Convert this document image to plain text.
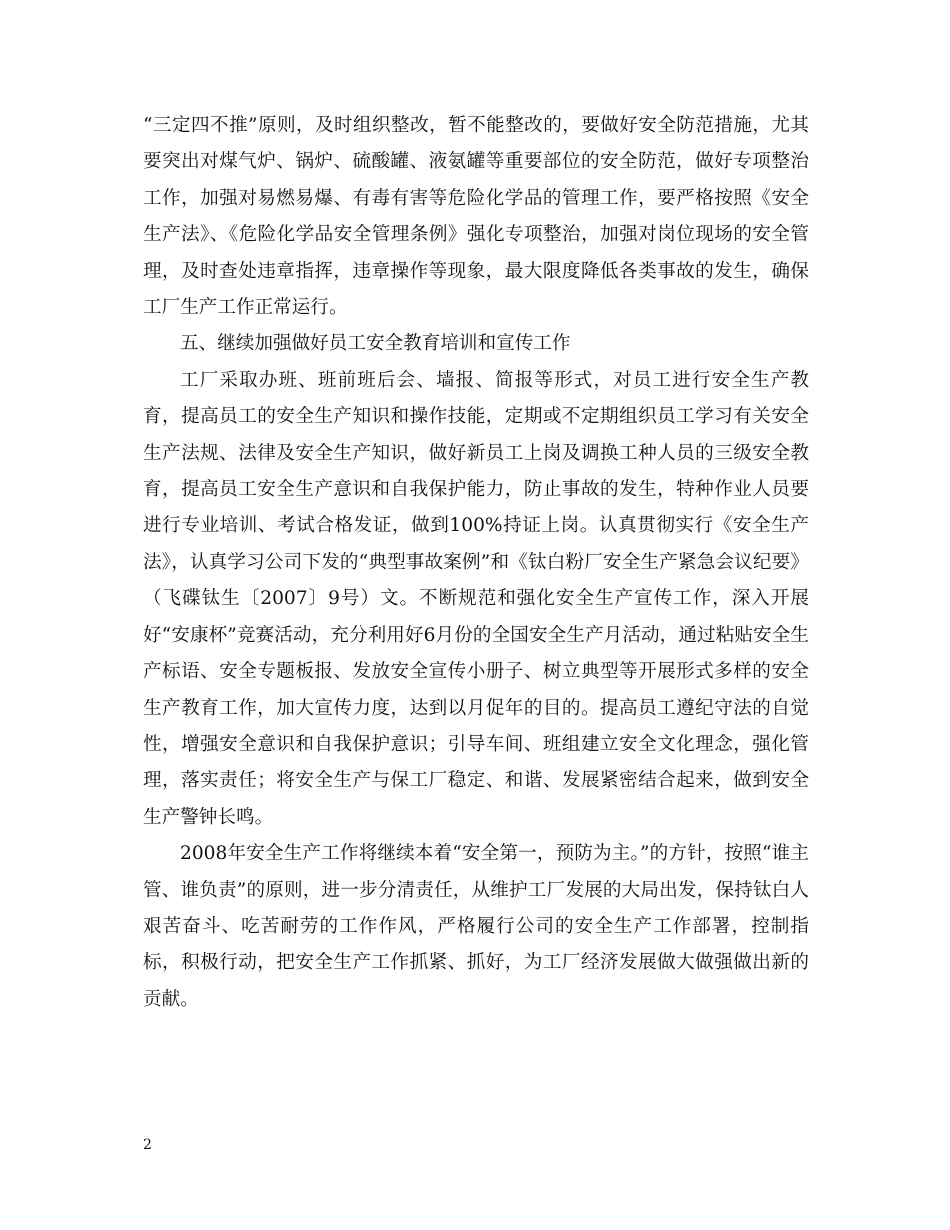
“三定四不推”原则，及时组织整改，暂不能整改的，要做好安全防范措施，尤其要突出对煤气炉、锅炉、硫酸罐、液氨罐等重要部位的安全防范，做好专项整治工作，加强对易燃易爆、有毒有害等危险化学品的管理工作，要严格按照《安全生产法》、《危险化学品安全管理条例》强化专项整治，加强对岗位现场的安全管理，及时查处违章指挥，违章操作等现象，最大限度降低各类事故的发生，确保工厂生产工作正常运行。

五、继续加强做好员工安全教育培训和宣传工作

工厂采取办班、班前班后会、墙报、简报等形式，对员工进行安全生产教育，提高员工的安全生产知识和操作技能，定期或不定期组织员工学习有关安全生产法规、法律及安全生产知识，做好新员工上岗及调换工种人员的三级安全教育，提高员工安全生产意识和自我保护能力，防止事故的发生，特种作业人员要进行专业培训、考试合格发证，做到100%持证上岗。认真贯彻实行《安全生产法》，认真学习公司下发的“典型事故案例”和《钛白粉厂安全生产紧急会议纪要》（飞碟钛生〔2007〕9号）文。不断规范和强化安全生产宣传工作，深入开展好“安康杯”竞赛活动，充分利用好6月份的全国安全生产月活动，通过粘贴安全生产标语、安全专题板报、发放安全宣传小册子、树立典型等开展形式多样的安全生产教育工作，加大宣传力度，达到以月促年的目的。提高员工遵纪守法的自觉性，增强安全意识和自我保护意识；引导车间、班组建立安全文化理念，强化管理，落实责任；将安全生产与保工厂稳定、和谐、发展紧密结合起来，做到安全生产警钟长鸣。

2008年安全生产工作将继续本着“安全第一，预防为主。”的方针，按照“谁主管、谁负责”的原则，进一步分清责任，从维护工厂发展的大局出发，保持钛白人艰苦奋斗、吃苦耐劳的工作作风，严格履行公司的安全生产工作部署，控制指标，积极行动，把安全生产工作抓紧、抓好，为工厂经济发展做大做强做出新的贡献。

2
